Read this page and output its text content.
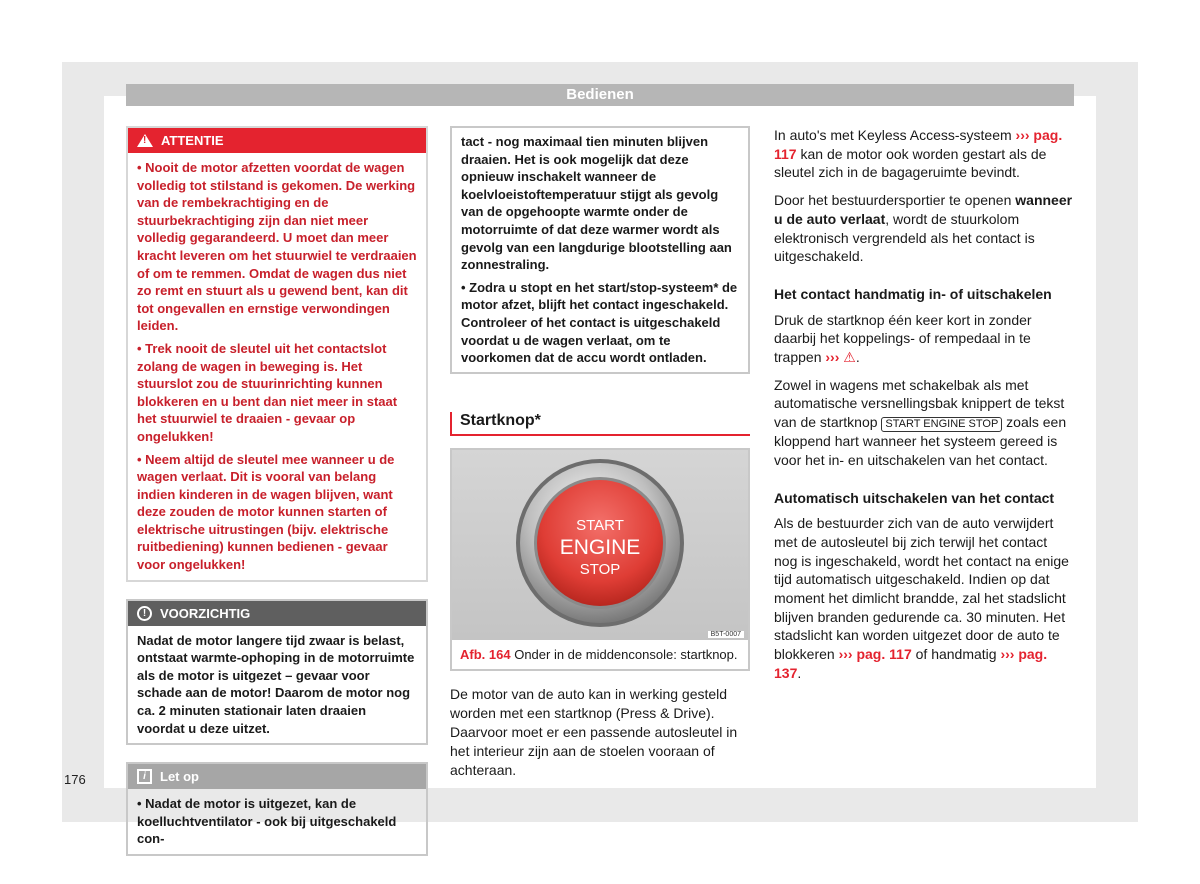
Bedienen
!
ATTENTIE

• Nooit de motor afzetten voordat de wagen volledig tot stilstand is gekomen. De werking van de rembekrachtiging en de stuurbekrachtiging zijn dan niet meer volledig gegarandeerd. U moet dan meer kracht leveren om het stuurwiel te verdraaien of om te remmen. Omdat de wagen dus niet zo remt en stuurt als u gewend bent, kan dit tot ongevallen en ernstige verwondingen leiden.

• Trek nooit de sleutel uit het contactslot zolang de wagen in beweging is. Het stuurslot zou de stuurinrichting kunnen blokkeren en u bent dan niet meer in staat het stuurwiel te draaien - gevaar op ongelukken!

• Neem altijd de sleutel mee wanneer u de wagen verlaat. Dit is vooral van belang indien kinderen in de wagen blijven, want deze zouden de motor kunnen starten of elektrische uitrustingen (bijv. elektrische ruitbediening) kunnen bedienen - gevaar voor ongelukken!

!	VOORZICHTIG

Nadat de motor langere tijd zwaar is belast, ontstaat warmte-ophoping in de motorruimte als de motor is uitgezet – gevaar voor schade aan de motor! Daarom de motor nog ca. 2 minuten stationair laten draaien voordat u deze uitzet.

i	Let op

• Nadat de motor is uitgezet, kan de koelluchtventilator - ook bij uitgeschakeld con-

176

tact - nog maximaal tien minuten blijven draaien. Het is ook mogelijk dat deze opnieuw inschakelt wanneer de koelvloeistoftemperatuur stijgt als gevolg van de opgehoopte warmte onder de motorruimte of dat deze warmer wordt als gevolg van een langdurige blootstelling aan zonnestraling.

• Zodra u stopt en het start/stop-systeem* de motor afzet, blijft het contact ingeschakeld. Controleer of het contact is uitgeschakeld voordat u de wagen verlaat, om te voorkomen dat de accu wordt ontladen.

Startknop*
START
ENGINE
STOP
B5T-0007
Afb. 164 Onder in de middenconsole: startknop.

De motor van de auto kan in werking gesteld worden met een startknop (Press & Drive). Daarvoor moet er een passende autosleutel in het interieur zijn aan de stoelen vooraan of achteraan.

In auto's met Keyless Access-systeem ››› pag. 117 kan de motor ook worden gestart als de sleutel zich in de bagageruimte bevindt.

Door het bestuurdersportier te openen wanneer u de auto verlaat, wordt de stuurkolom elektronisch vergrendeld als het contact is uitgeschakeld.

Het contact handmatig in- of uitschakelen

Druk de startknop één keer kort in zonder daarbij het koppelings- of rempedaal in te trappen ››› ⚠.

Zowel in wagens met schakelbak als met automatische versnellingsbak knippert de tekst van de startknop START ENGINE STOP zoals een kloppend hart wanneer het systeem gereed is voor het in- en uitschakelen van het contact.

Automatisch uitschakelen van het contact

Als de bestuurder zich van de auto verwijdert met de autosleutel bij zich terwijl het contact nog is ingeschakeld, wordt het contact na enige tijd automatisch uitgeschakeld. Indien op dat moment het dimlicht brandde, zal het stadslicht blijven branden gedurende ca. 30 minuten. Het stadslicht kan worden uitgezet door de auto te blokkeren ››› pag. 117 of handmatig ››› pag. 137.
